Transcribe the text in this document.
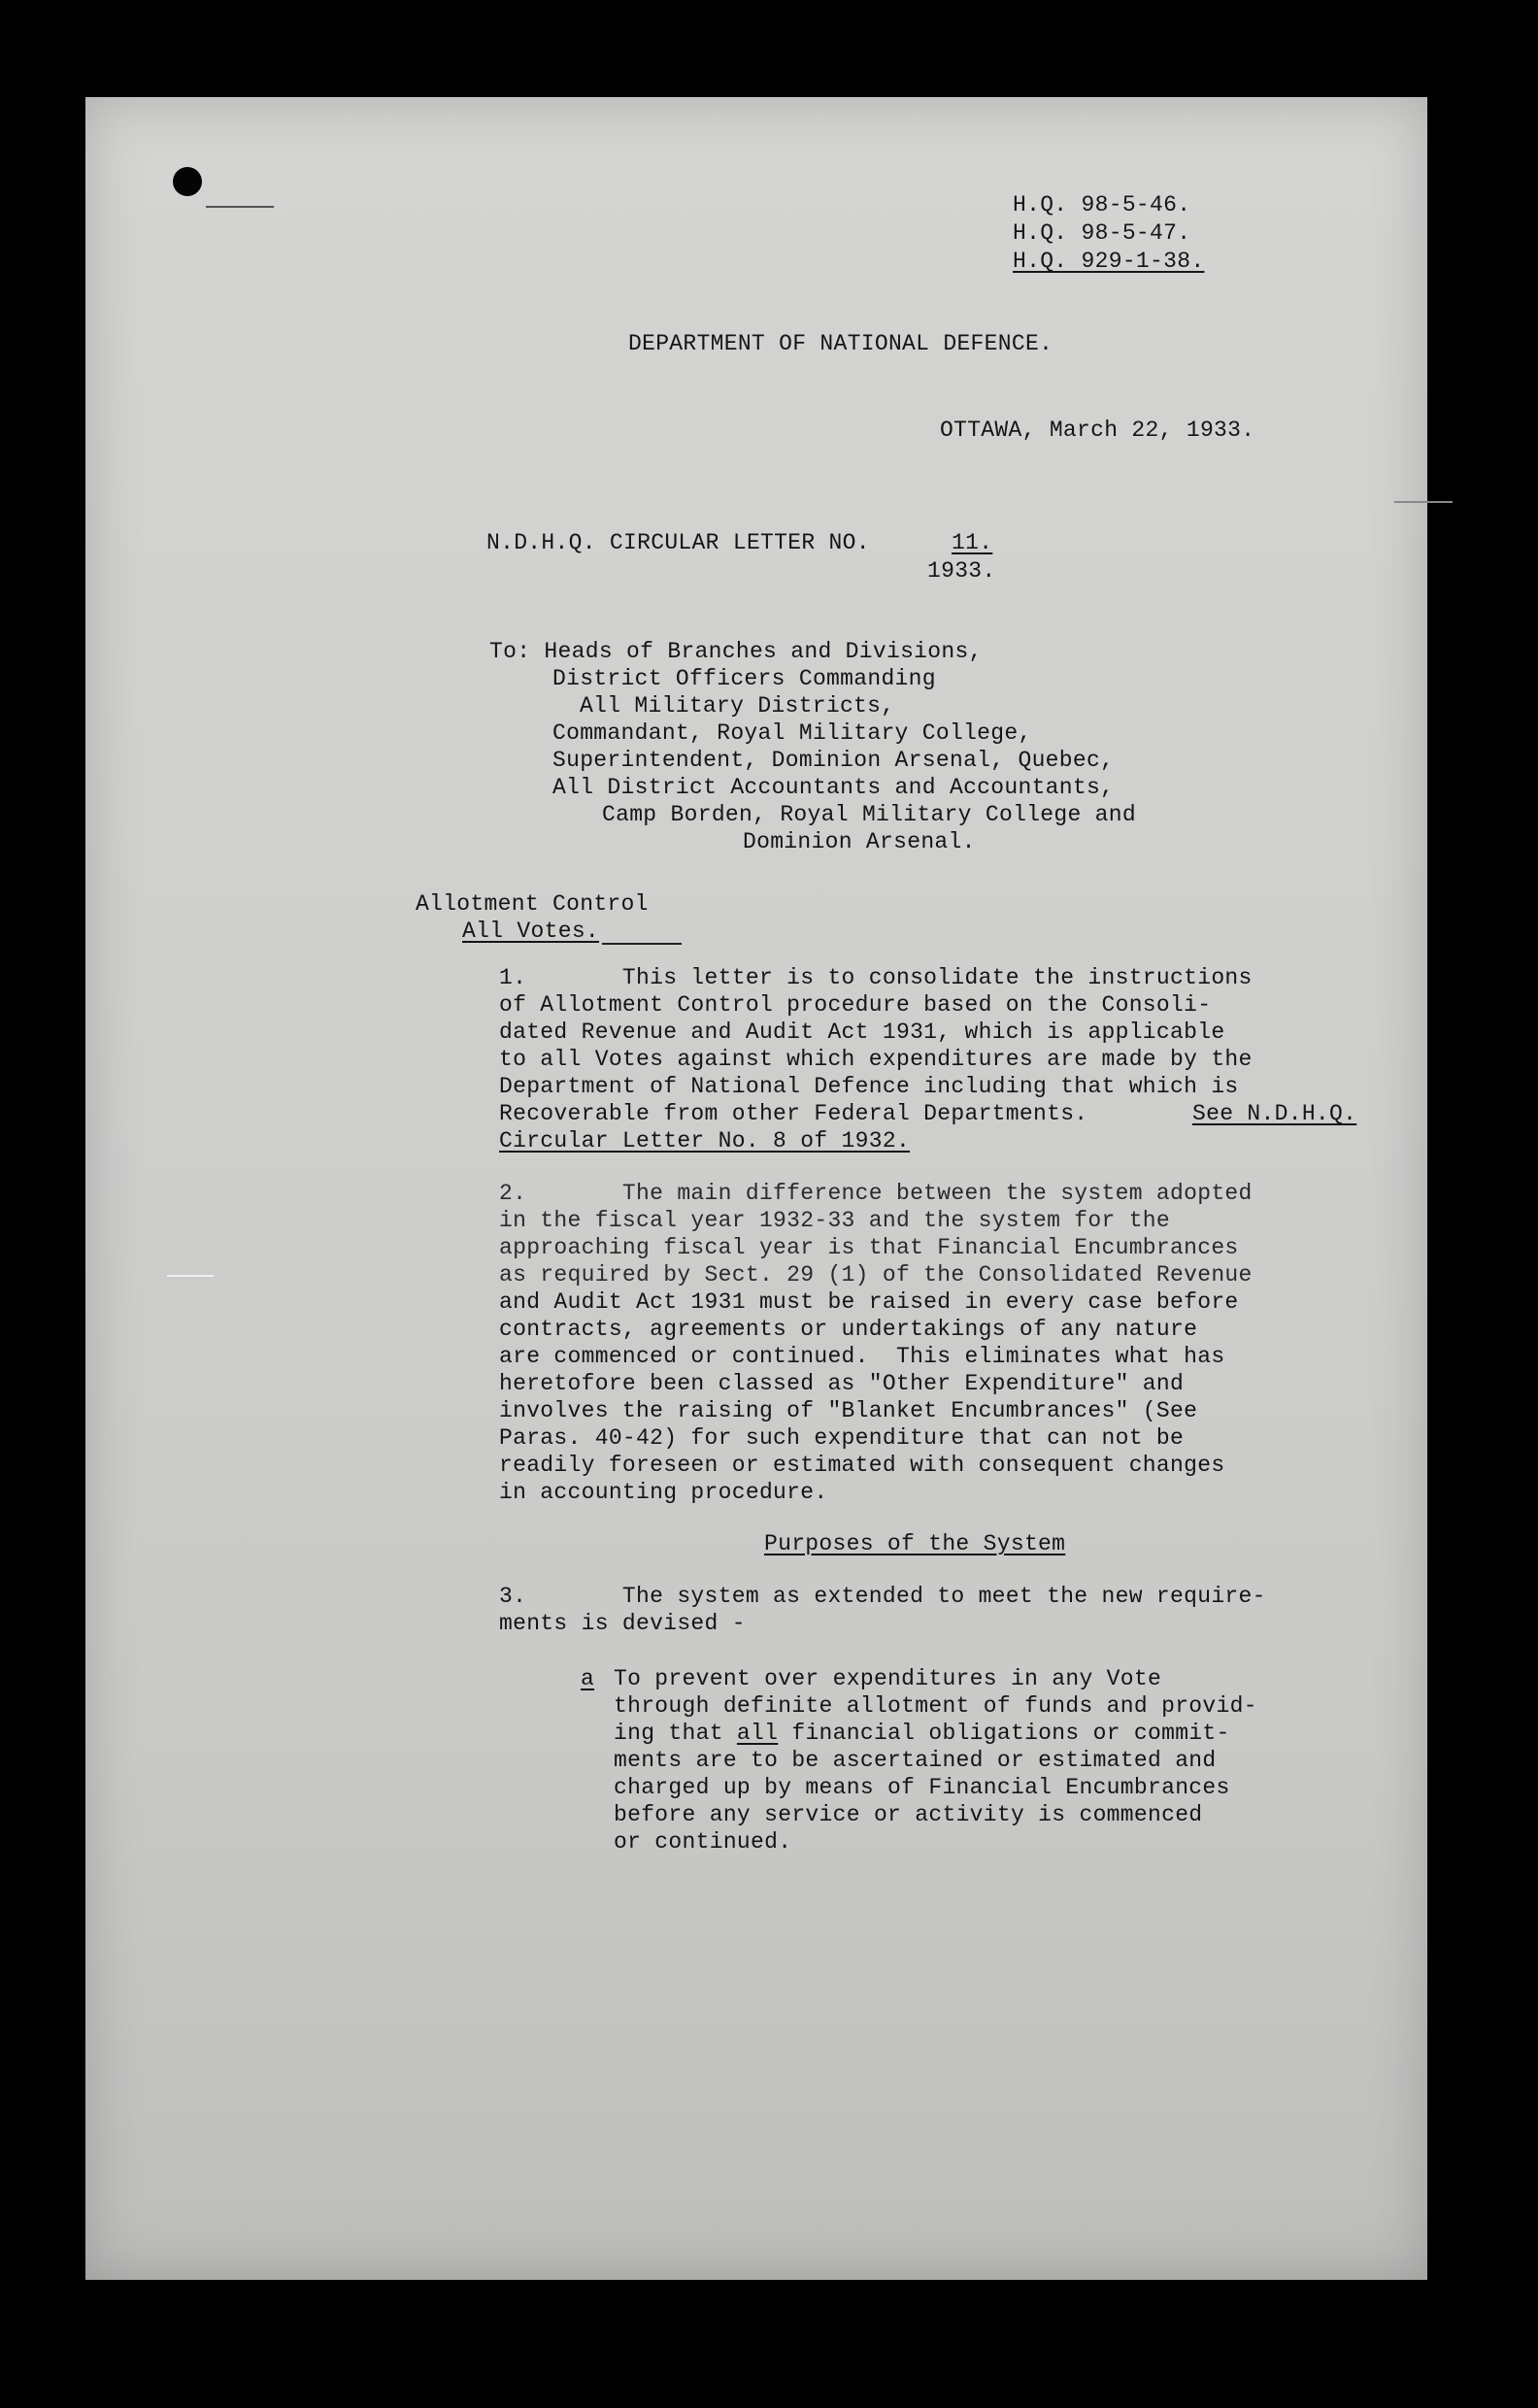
H.Q. 98-5-46.
H.Q. 98-5-47.
H.Q. 929-1-38.
DEPARTMENT OF NATIONAL DEFENCE.
OTTAWA, March 22, 1933.
N.D.H.Q. CIRCULAR LETTER NO.	11.
1933.
To: Heads of Branches and Divisions,
District Officers Commanding
All Military Districts,
Commandant, Royal Military College,
Superintendent, Dominion Arsenal, Quebec,
All District Accountants and Accountants,
Camp Borden, Royal Military College and
Dominion Arsenal.
Allotment Control
All Votes.
1.       This letter is to consolidate the instructions
of Allotment Control procedure based on the Consoli-
dated Revenue and Audit Act 1931, which is applicable
to all Votes against which expenditures are made by the
Department of National Defence including that which is
Recoverable from other Federal Departments.	See N.D.H.Q.
Circular Letter No. 8 of 1932.
2.       The main difference between the system adopted
in the fiscal year 1932-33 and the system for the
approaching fiscal year is that Financial Encumbrances
as required by Sect. 29 (1) of the Consolidated Revenue
and Audit Act 1931 must be raised in every case before
contracts, agreements or undertakings of any nature
are commenced or continued.  This eliminates what has
heretofore been classed as "Other Expenditure" and
involves the raising of "Blanket Encumbrances" (See
Paras. 40-42) for such expenditure that can not be
readily foreseen or estimated with consequent changes
in accounting procedure.
Purposes of the System
3.       The system as extended to meet the new require-
ments is devised -
a To prevent over expenditures in any Vote
through definite allotment of funds and provid-
ing that all financial obligations or commit-
ments are to be ascertained or estimated and
charged up by means of Financial Encumbrances
before any service or activity is commenced
or continued.
